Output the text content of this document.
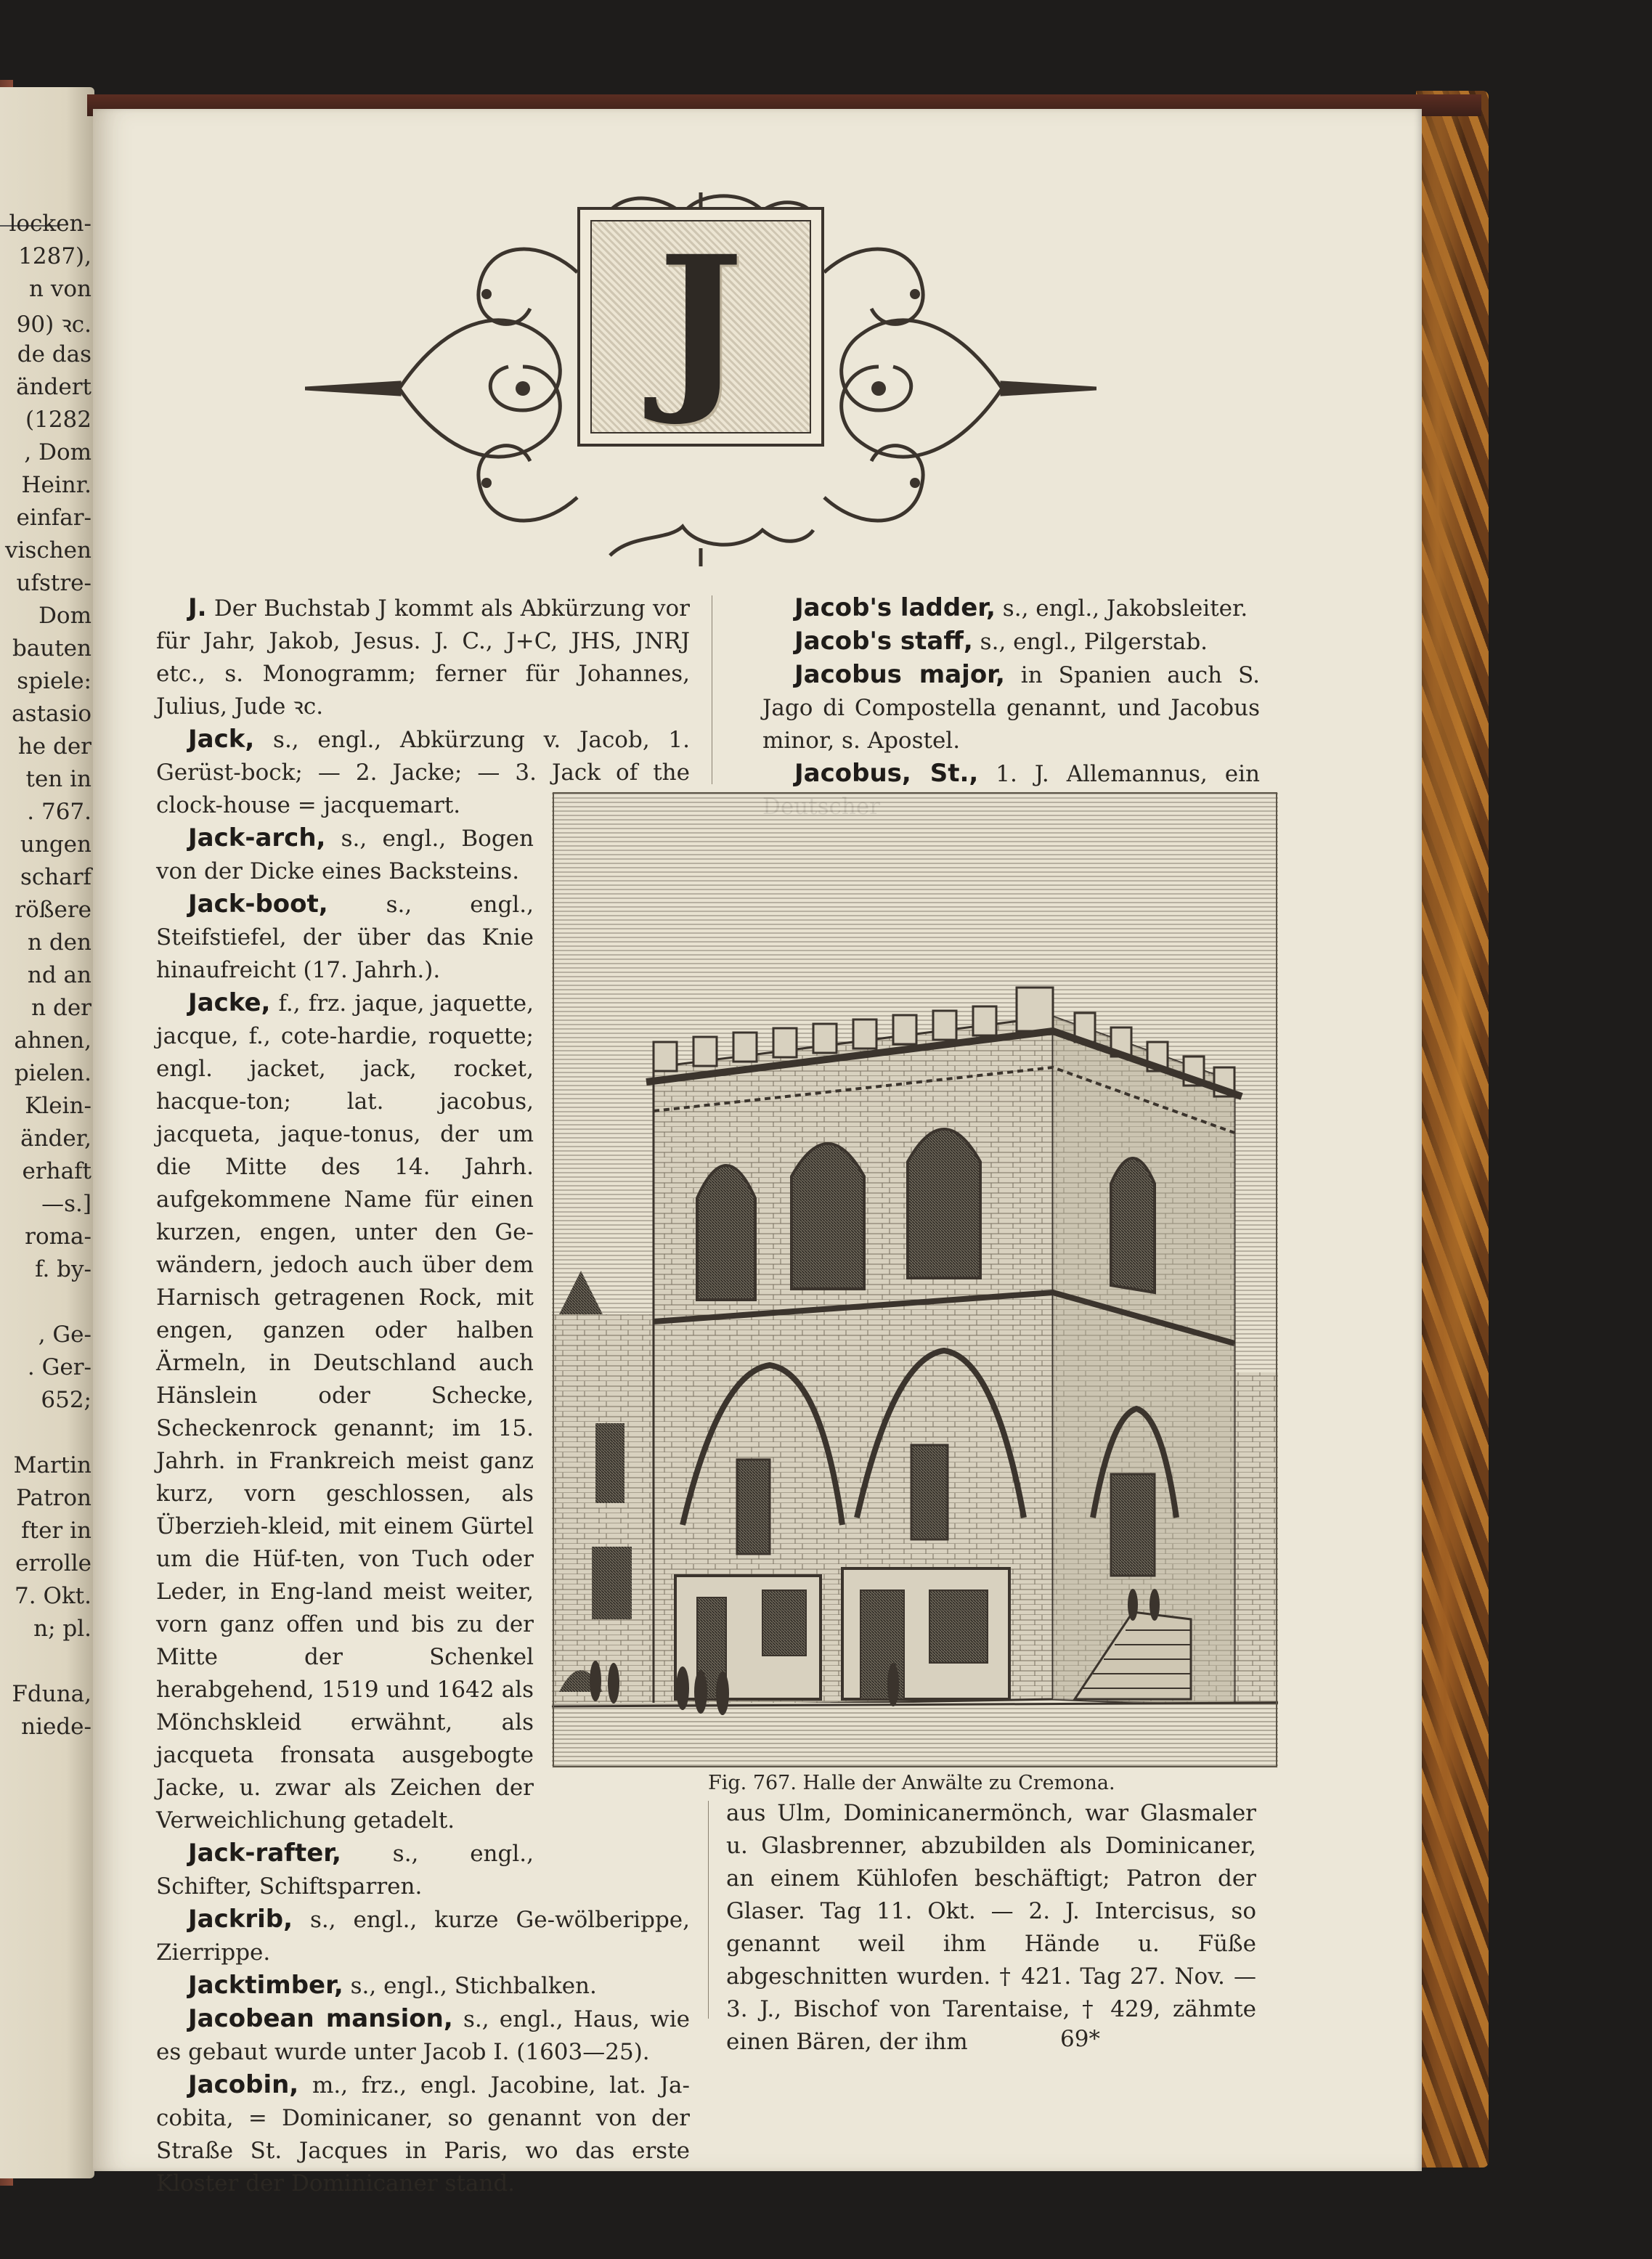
locken-
1287),
n von
90) ꝛc.
de das
ändert
(1282
, Dom
Heinr.
einfar-
vischen
ufstre-
Dom
bauten
spiele:
astasio
he der
ten in
. 767.
ungen
scharf
rößere
n den
nd an
n der
ahnen,
pielen.
Klein-
änder,
erhaft
—s.]
roma-
f. by-
, Ge-
. Ger-
652;
Martin
Patron
fter in
errolle
7. Okt.
n; pl.
Fduna,
niede-
J
J. Der Buchstab J kommt als Abkürzung vor für Jahr, Jakob, Jesus. J. C., J+C, JHS, JNRJ etc., s. Monogramm; ferner für Johannes, Julius, Jude ꝛc.
Jack, s., engl., Abkürzung v. Jacob, 1. Gerüst-bock; — 2. Jacke; — 3. Jack of the clock-house = jacquemart.
Jack-arch, s., engl., Bogen von der Dicke eines Backsteins.
Jack-boot, s., engl., Steifstiefel, der über das Knie hinaufreicht (17. Jahrh.).
Jacke, f., frz. jaque, jaquette, jacque, f., cote-hardie, roquette; engl. jacket, jack, rocket, hacque-ton; lat. jacobus, jacqueta, jaque-tonus, der um die Mitte des 14. Jahrh. aufgekommene Name für einen kurzen, engen, unter den Ge-wändern, jedoch auch über dem Harnisch getragenen Rock, mit engen, ganzen oder halben Ärmeln, in Deutschland auch Hänslein oder Schecke, Scheckenrock genannt; im 15. Jahrh. in Frankreich meist ganz kurz, vorn geschlossen, als Überzieh-kleid, mit einem Gürtel um die Hüf-ten, von Tuch oder Leder, in Eng-land meist weiter, vorn ganz offen und bis zu der Mitte der Schenkel herabgehend, 1519 und 1642 als Mönchskleid erwähnt, als jacqueta fronsata ausgebogte Jacke, u. zwar als Zeichen der Verweichlichung getadelt.
Jack-rafter, s., engl., Schifter, Schiftsparren.
Jackrib, s., engl., kurze Ge-wölberippe, Zierrippe.
Jacktimber, s., engl., Stichbalken.
Jacobean mansion, s., engl., Haus, wie es gebaut wurde unter Jacob I. (1603—25).
Jacobin, m., frz., engl. Jacobine, lat. Ja-cobita, = Dominicaner, so genannt von der Straße St. Jacques in Paris, wo das erste Kloster der Dominicaner stand.
Jacob's ladder, s., engl., Jakobsleiter.
Jacob's staff, s., engl., Pilgerstab.
Jacobus major, in Spanien auch S. Jago di Compostella genannt, und Jacobus minor, s. Apostel.
Jacobus, St., 1. J. Allemannus, ein
Fig. 767. Halle der Anwälte zu Cremona.

aus Ulm, Dominicanermönch, war Glasmaler u. Glasbrenner, abzubilden als Dominicaner, an einem Kühlofen beschäftigt; Patron der Glaser. Tag 11. Okt. — 2. J. Intercisus, so genannt weil ihm Hände u. Füße abgeschnitten wurden. † 421. Tag 27. Nov. — 3. J., Bischof von Tarentaise, † 429, zähmte einen Bären, der ihm	69*
